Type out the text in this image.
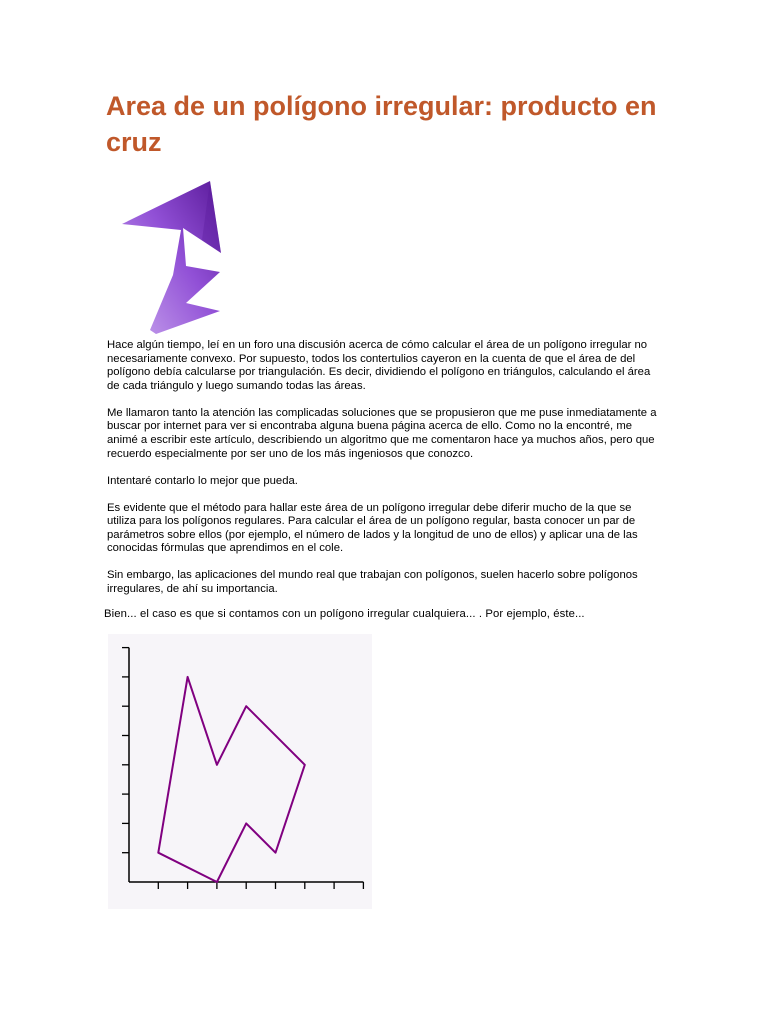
Area de un polígono irregular: producto en cruz

Hace algún tiempo, leí en un foro una discusión acerca de cómo calcular el área de un polígono irregular no necesariamente convexo. Por supuesto, todos los contertulios cayeron en la cuenta de que el área de del polígono debía calcularse por triangulación. Es decir, dividiendo el polígono en triángulos, calculando el área de cada triángulo y luego sumando todas las áreas.

Me llamaron tanto la atención las complicadas soluciones que se propusieron que me puse inmediatamente a buscar por internet para ver si encontraba alguna buena página acerca de ello. Como no la encontré, me animé a escribir este artículo, describiendo un algoritmo que me comentaron hace ya muchos años, pero que recuerdo especialmente por ser uno de los más ingeniosos que conozco.

Intentaré contarlo lo mejor que pueda.

Es evidente que el método para hallar este área de un polígono irregular debe diferir mucho de la que se utiliza para los polígonos regulares. Para calcular el área de un polígono regular, basta conocer un par de parámetros sobre ellos (por ejemplo, el número de lados y la longitud de uno de ellos) y aplicar una de las conocidas fórmulas que aprendimos en el cole.

Sin embargo, las aplicaciones del mundo real que trabajan con polígonos, suelen hacerlo sobre polígonos irregulares, de ahí su importancia.

Bien... el caso es que si contamos con un polígono irregular cualquiera... . Por ejemplo, éste...
